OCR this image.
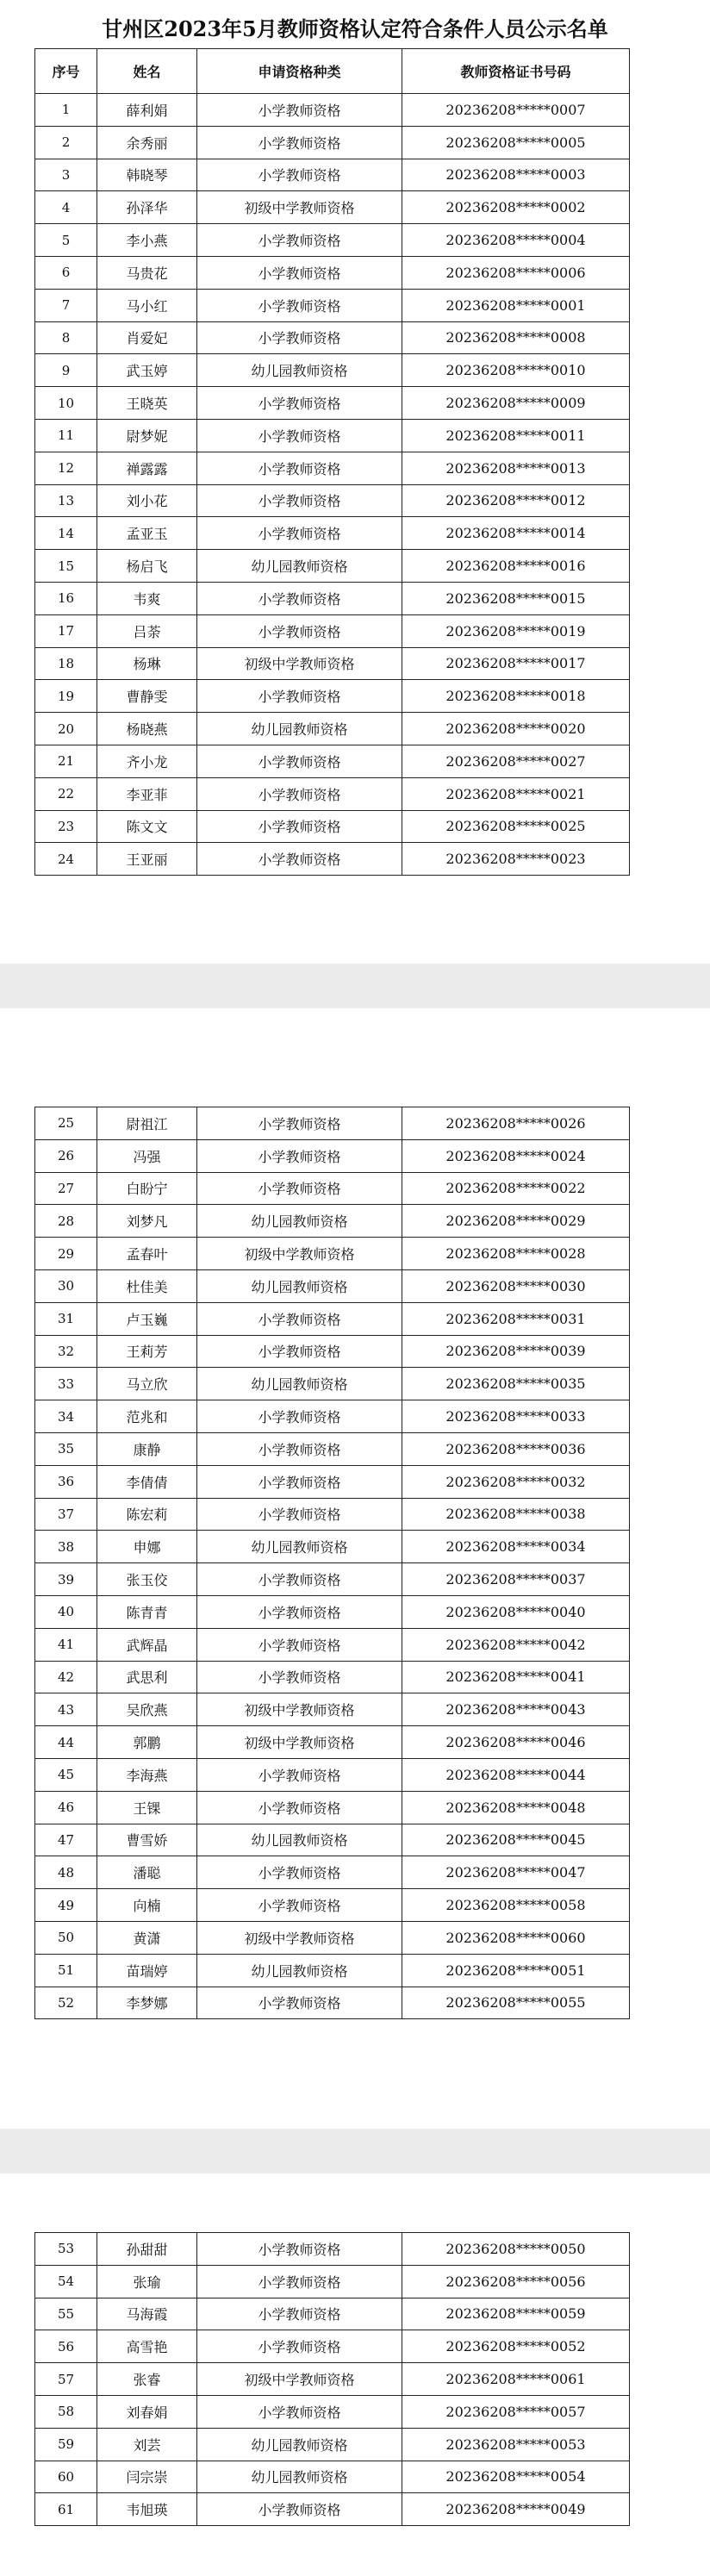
甘州区2023年5月教师资格认定符合条件人员公示名单
序号	姓名	申请资格种类	教师资格证书号码
1	薛利娟	小学教师资格	20236208*****0007
2	余秀丽	小学教师资格	20236208*****0005
3	韩晓琴	小学教师资格	20236208*****0003
4	孙泽华	初级中学教师资格	20236208*****0002
5	李小燕	小学教师资格	20236208*****0004
6	马贵花	小学教师资格	20236208*****0006
7	马小红	小学教师资格	20236208*****0001
8	肖爱妃	小学教师资格	20236208*****0008
9	武玉婷	幼儿园教师资格	20236208*****0010
10	王晓英	小学教师资格	20236208*****0009
11	尉梦妮	小学教师资格	20236208*****0011
12	禅露露	小学教师资格	20236208*****0013
13	刘小花	小学教师资格	20236208*****0012
14	孟亚玉	小学教师资格	20236208*****0014
15	杨启飞	幼儿园教师资格	20236208*****0016
16	韦爽	小学教师资格	20236208*****0015
17	吕荼	小学教师资格	20236208*****0019
18	杨琳	初级中学教师资格	20236208*****0017
19	曹静雯	小学教师资格	20236208*****0018
20	杨晓燕	幼儿园教师资格	20236208*****0020
21	齐小龙	小学教师资格	20236208*****0027
22	李亚菲	小学教师资格	20236208*****0021
23	陈文文	小学教师资格	20236208*****0025
24	王亚丽	小学教师资格	20236208*****0023
25	尉祖江	小学教师资格	20236208*****0026
26	冯强	小学教师资格	20236208*****0024
27	白盼宁	小学教师资格	20236208*****0022
28	刘梦凡	幼儿园教师资格	20236208*****0029
29	孟春叶	初级中学教师资格	20236208*****0028
30	杜佳美	幼儿园教师资格	20236208*****0030
31	卢玉巍	小学教师资格	20236208*****0031
32	王莉芳	小学教师资格	20236208*****0039
33	马立欣	幼儿园教师资格	20236208*****0035
34	范兆和	小学教师资格	20236208*****0033
35	康静	小学教师资格	20236208*****0036
36	李倩倩	小学教师资格	20236208*****0032
37	陈宏莉	小学教师资格	20236208*****0038
38	申娜	幼儿园教师资格	20236208*****0034
39	张玉佼	小学教师资格	20236208*****0037
40	陈青青	小学教师资格	20236208*****0040
41	武辉晶	小学教师资格	20236208*****0042
42	武思利	小学教师资格	20236208*****0041
43	吴欣燕	初级中学教师资格	20236208*****0043
44	郭鹏	初级中学教师资格	20236208*****0046
45	李海燕	小学教师资格	20236208*****0044
46	王锞	小学教师资格	20236208*****0048
47	曹雪娇	幼儿园教师资格	20236208*****0045
48	潘聪	小学教师资格	20236208*****0047
49	向楠	小学教师资格	20236208*****0058
50	黄潇	初级中学教师资格	20236208*****0060
51	苗瑞婷	幼儿园教师资格	20236208*****0051
52	李梦娜	小学教师资格	20236208*****0055
53	孙甜甜	小学教师资格	20236208*****0050
54	张瑜	小学教师资格	20236208*****0056
55	马海霞	小学教师资格	20236208*****0059
56	高雪艳	小学教师资格	20236208*****0052
57	张睿	初级中学教师资格	20236208*****0061
58	刘春娟	小学教师资格	20236208*****0057
59	刘芸	幼儿园教师资格	20236208*****0053
60	闫宗崇	幼儿园教师资格	20236208*****0054
61	韦旭瑛	小学教师资格	20236208*****0049
